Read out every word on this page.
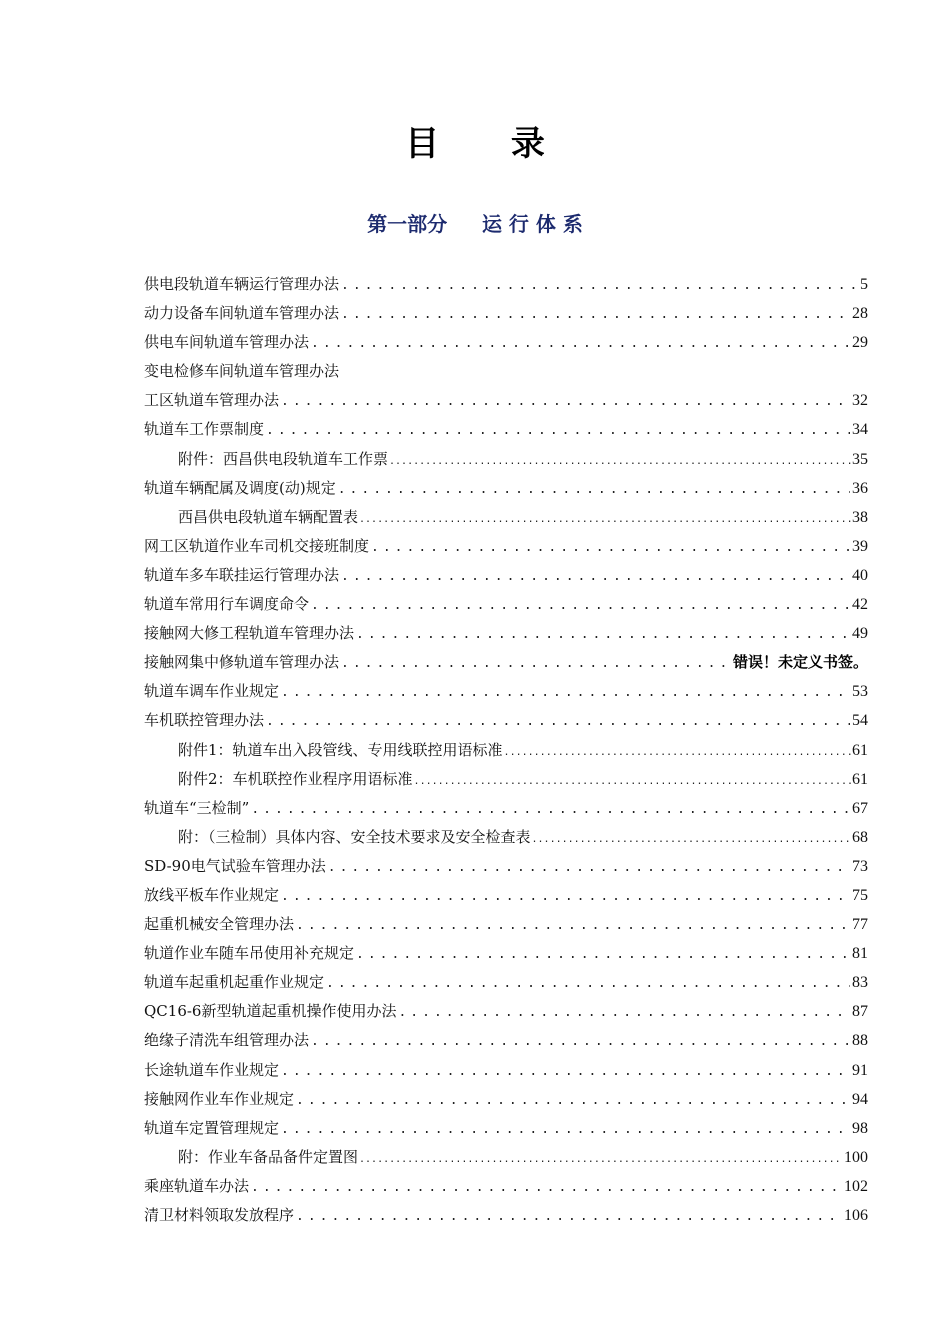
目 录
第一部分     运 行 体 系
供电段轨道车辆运行管理办法 .....	5
动力设备车间轨道车管理办法 .....	28
供电车间轨道车管理办法 .....	29
变电检修车间轨道车管理办法
工区轨道车管理办法 .....	32
轨道车工作票制度 .....	34
附件：西昌供电段轨道车工作票 .....	35
轨道车辆配属及调度(动)规定 .....	36
西昌供电段轨道车辆配置表 .....	38
网工区轨道作业车司机交接班制度 .....	39
轨道车多车联挂运行管理办法 .....	40
轨道车常用行车调度命令 .....	42
接触网大修工程轨道车管理办法 .....	49
接触网集中修轨道车管理办法 .....	错误！未定义书签。
轨道车调车作业规定 .....	53
车机联控管理办法 .....	54
附件1：轨道车出入段管线、专用线联控用语标准 .....	61
附件2：车机联控作业程序用语标准 .....	61
轨道车“三检制” .....	67
附：（三检制）具体内容、安全技术要求及安全检查表 .....	68
SD-90电气试验车管理办法 .....	73
放线平板车作业规定 .....	75
起重机械安全管理办法 .....	77
轨道作业车随车吊使用补充规定 .....	81
轨道车起重机起重作业规定 .....	83
QC16-6新型轨道起重机操作使用办法 .....	87
绝缘子清洗车组管理办法 .....	88
长途轨道车作业规定 .....	91
接触网作业车作业规定 .....	94
轨道车定置管理规定 .....	98
附：作业车备品备件定置图 .....	100
乘座轨道车办法 .....	102
清卫材料领取发放程序 .....	106
